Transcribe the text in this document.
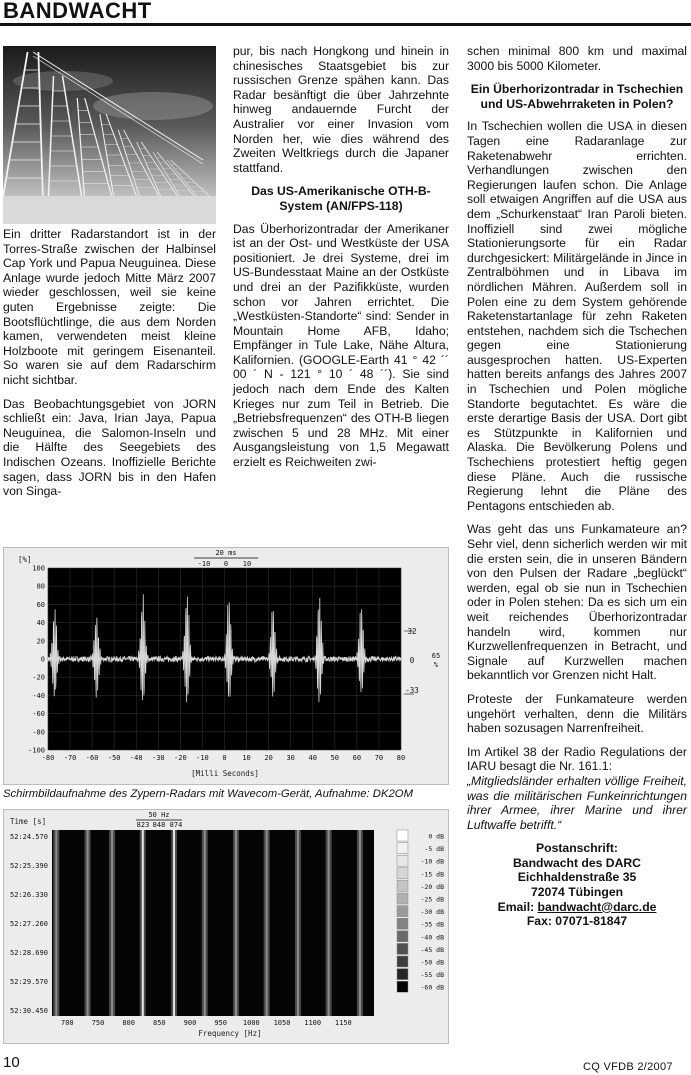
BANDWACHT

Ein dritter Radarstandort ist in der Torres-Straße zwischen der Halbinsel Cap York und Papua Neuguinea. Diese Anlage wurde jedoch Mitte März 2007 wieder geschlossen, weil sie keine guten Ergebnisse zeigte: Die Bootsflüchtlinge, die aus dem Norden kamen, verwendeten meist kleine Holzboote mit geringem Eisenanteil. So waren sie auf dem Radarschirm nicht sichtbar.

Das Beobachtungsgebiet von JORN schließt ein: Java, Irian Jaya, Papua Neuguinea, die Salomon-Inseln und die Hälfte des Seegebiets des Indischen Ozeans. Inoffizielle Berichte sagen, dass JORN bis in den Hafen von Singa-

pur, bis nach Hongkong und hinein in chinesisches Staatsgebiet bis zur russischen Grenze spähen kann. Das Radar besänftigt die über Jahrzehnte hinweg andauernde Furcht der Australier vor einer Invasion vom Norden her, wie dies während des Zweiten Weltkriegs durch die Japaner stattfand.

Das US-Amerikanische OTH-B-System (AN/FPS-118)

Das Überhorizontradar der Amerikaner ist an der Ost- und Westküste der USA positioniert. Je drei Systeme, drei im US-Bundesstaat Maine an der Ostküste und drei an der Pazifikküste, wurden schon vor Jahren errichtet. Die „Westküsten-Standorte“ sind: Sender in Mountain Home AFB, Idaho; Empfänger in Tule Lake, Nähe Altura, Kalifornien. (GOOGLE-Earth 41 ° 42 ´´ 00 ´ N - 121 ° 10 ´ 48 ´´). Sie sind jedoch nach dem Ende des Kalten Krieges nur zum Teil in Betrieb. Die „Betriebsfrequenzen“ des OTH-B liegen zwischen 5 und 28 MHz. Mit einer Ausgangsleistung von 1,5 Megawatt erzielt es Reichweiten zwi-

schen minimal 800 km und maximal 3000 bis 5000 Kilometer.

Ein Überhorizontradar in Tschechien und US-Abwehrraketen in Polen?

In Tschechien wollen die USA in diesen Tagen eine Radaranlage zur Raketenabwehr errichten. Verhandlungen zwischen den Regierungen laufen schon. Die Anlage soll etwaigen Angriffen auf die USA aus dem „Schurkenstaat“ Iran Paroli bieten. Inoffiziell sind zwei mögliche Stationierungsorte für ein Radar durchgesickert: Militärgelände in Jince in Zentralböhmen und in Libava im nördlichen Mähren. Außerdem soll in Polen eine zu dem System gehörende Raketenstartanlage für zehn Raketen entstehen, nachdem sich die Tschechen gegen eine Stationierung ausgesprochen hatten. US-Experten hatten bereits anfangs des Jahres 2007 in Tschechien und Polen mögliche Standorte begutachtet. Es wäre die erste derartige Basis der USA. Dort gibt es Stützpunkte in Kalifornien und Alaska. Die Bevölkerung Polens und Tschechiens protestiert heftig gegen diese Pläne. Auch die russische Regierung lehnt die Pläne des Pentagons entschieden ab.

Was geht das uns Funkamateure an? Sehr viel, denn sicherlich werden wir mit die ersten sein, die in unseren Bändern von den Pulsen der Radare „beglückt“ werden, egal ob sie nun in Tschechien oder in Polen stehen: Da es sich um ein weit reichendes Überhorizontradar handeln wird, kommen nur Kurzwellenfrequenzen in Betracht, und Signale auf Kurzwellen machen bekanntlich vor Grenzen nicht Halt.

Proteste der Funkamateure werden ungehört verhalten, denn die Militärs haben sozusagen Narrenfreiheit.

Im Artikel 38 der Radio Regulations der IARU besagt die Nr. 161.1:

„Mitgliedsländer erhalten völlige Freiheit, was die militärischen Funkeinrichtungen ihrer Armee, ihrer Marine und ihrer Luftwaffe betrifft.“

Postanschrift:
Bandwacht des DARC
Eichhaldenstraße 35
72074 Tübingen
Email: bandwacht@darc.de
Fax: 07071-81847
[%]
100
80
60
40
20
0
-20
-40
-60
-80
-100
-80 -70 -60 -50 -40 -30 -20 -10 0 10 20 30 40 50 60 70 80
20 ms
-10 0 10
32
0
-33
65
%
[Milli Seconds]
Schirmbildaufnahme des Zypern-Radars mit Wavecom-Gerät, Aufnahme: DK2OM
Time [s]
50 Hz
823 848 874
52:24.570
52:25.390
52:26.330
52:27.260
52:28.690
52:29.570
52:30.450
700	750	800	850	900	950 1000 1050 1100 1150
0 dB
-5 dB
-10 dB
-15 dB
-20 dB
-25 dB
-30 dB
-35 dB
-40 dB
-45 dB
-50 dB
-55 dB
-60 dB
Frequency [Hz]
10	CQ VFDB 2/2007
